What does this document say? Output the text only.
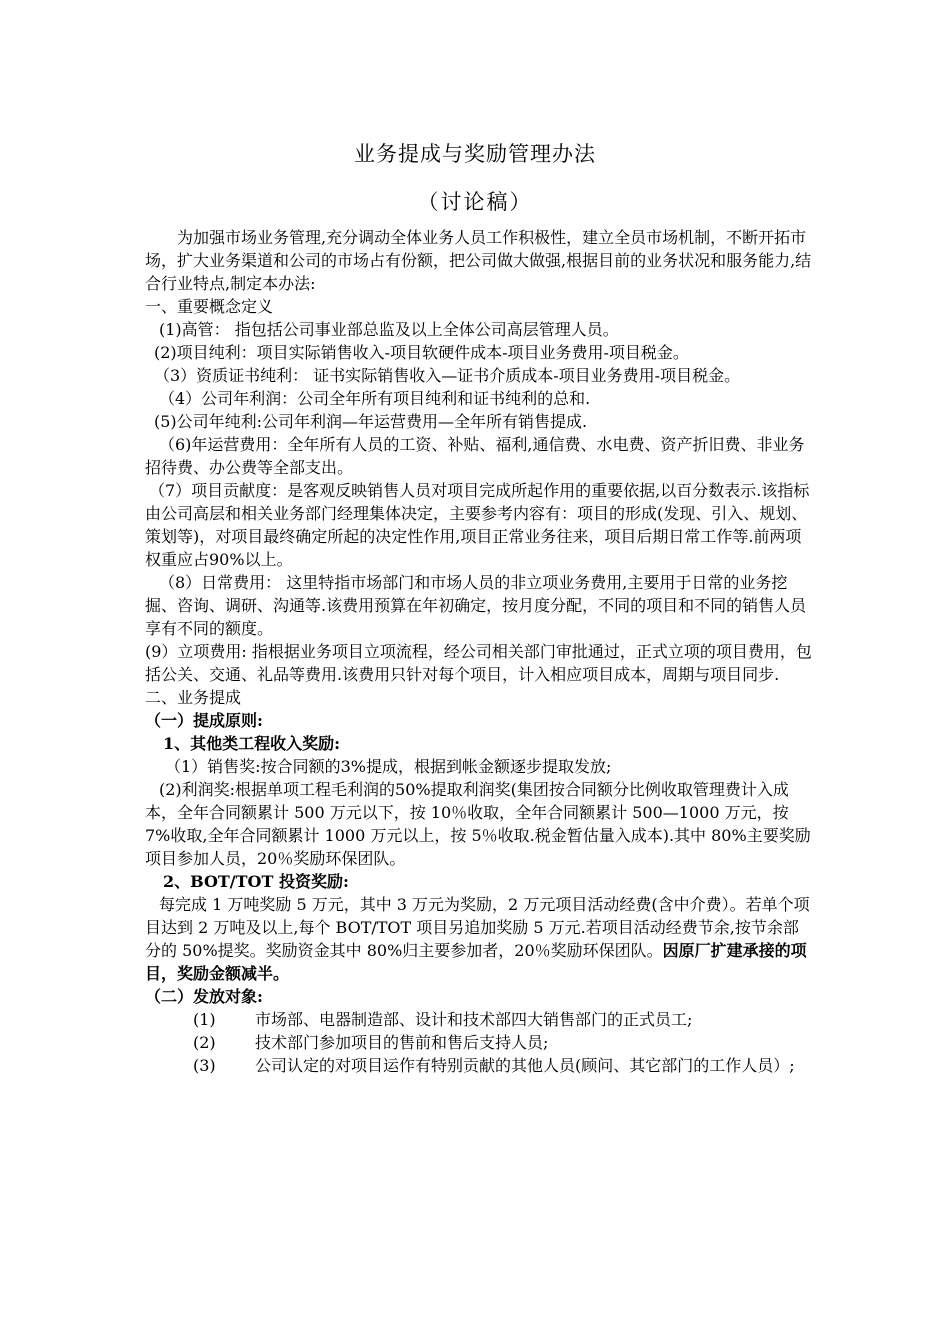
业务提成与奖励管理办法
（讨论稿）

为加强市场业务管理,充分调动全体业务人员工作积极性，建立全员市场机制，不断开拓市场，扩大业务渠道和公司的市场占有份额，把公司做大做强,根据目前的业务状况和服务能力,结合行业特点,制定本办法:

一、重要概念定义

(1)高管： 指包括公司事业部总监及以上全体公司高层管理人员。

(2)项目纯利：项目实际销售收入-项目软硬件成本-项目业务费用-项目税金。

（3）资质证书纯利： 证书实际销售收入—证书介质成本-项目业务费用-项目税金。

（4）公司年利润：公司全年所有项目纯利和证书纯利的总和.

(5)公司年纯利:公司年利润—年运营费用—全年所有销售提成.

（6)年运营费用：全年所有人员的工资、补贴、福利,通信费、水电费、资产折旧费、非业务招待费、办公费等全部支出。

（7）项目贡献度：是客观反映销售人员对项目完成所起作用的重要依据,以百分数表示.该指标由公司高层和相关业务部门经理集体决定，主要参考内容有：项目的形成(发现、引入、规划、策划等)，对项目最终确定所起的决定性作用,项目正常业务往来，项目后期日常工作等.前两项权重应占90%以上。

（8）日常费用： 这里特指市场部门和市场人员的非立项业务费用,主要用于日常的业务挖掘、咨询、调研、沟通等.该费用预算在年初确定，按月度分配，不同的项目和不同的销售人员享有不同的额度。

(9）立项费用: 指根据业务项目立项流程，经公司相关部门审批通过，正式立项的项目费用，包括公关、交通、礼品等费用.该费用只针对每个项目，计入相应项目成本，周期与项目同步.

二、业务提成

（一）提成原则:

1、其他类工程收入奖励:

（1）销售奖:按合同额的3%提成，根据到帐金额逐步提取发放;

(2)利润奖:根据单项工程毛利润的50%提取利润奖(集团按合同额分比例收取管理费计入成本，全年合同额累计 500 万元以下，按 10％收取，全年合同额累计 500—1000 万元，按 7%收取,全年合同额累计 1000 万元以上，按 5％收取.税金暂估量入成本).其中 80%主要奖励项目参加人员，20％奖励环保团队。

2、BOT/TOT 投资奖励:

每完成 1 万吨奖励 5 万元，其中 3 万元为奖励，2 万元项目活动经费(含中介费）。若单个项目达到 2 万吨及以上,每个 BOT/TOT 项目另追加奖励 5 万元.若项目活动经费节余,按节余部分的 50%提奖。奖励资金其中 80%归主要参加者，20％奖励环保团队。因原厂扩建承接的项目，奖励金额减半。

（二）发放对象:

(1)	市场部、电器制造部、设计和技术部四大销售部门的正式员工;
(2)	技术部门参加项目的售前和售后支持人员;
(3)	公司认定的对项目运作有特别贡献的其他人员(顾问、其它部门的工作人员）;
